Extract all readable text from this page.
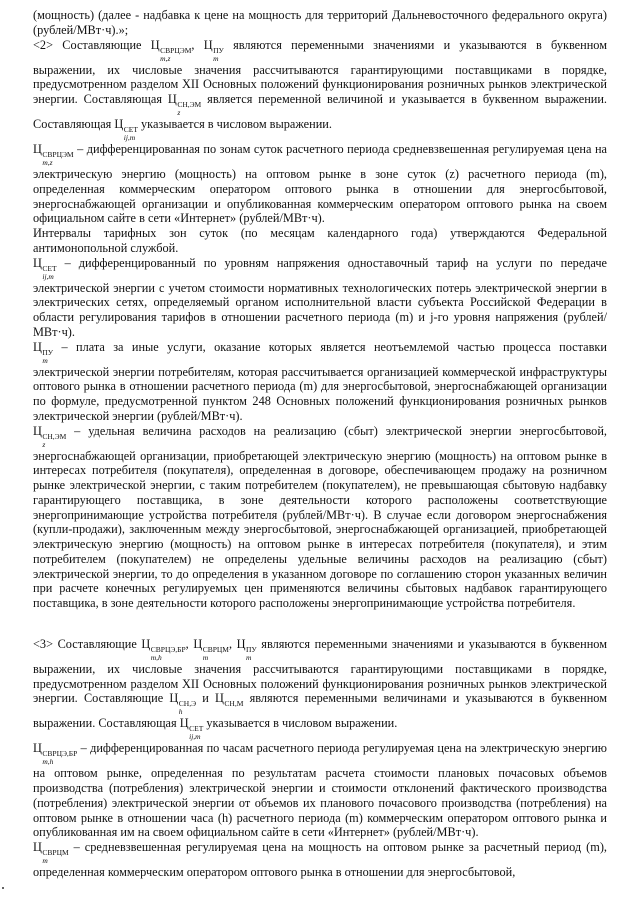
(мощность) (далее - надбавка к цене на мощность для территорий Дальневосточного федерального округа) (рублей/МВт·ч).»;

<2> Составляющие Ц СВРЦЭМ
m,z
, Ц ПУ
m
являются переменными значениями и указываются в буквенном выражении, их числовые значения рассчитываются гарантирующими поставщиками в порядке, предусмотренном разделом XII Основных положений функционирования розничных рынков электрической энергии. Составляющая Ц СН,ЭМ
z
является переменной величиной и указывается в буквенном выражении. Составляющая Ц СЕТ
ij,m
указывается в числовом выражении.

Ц СВРЦЭМ
m,z
– дифференцированная по зонам суток расчетного периода средневзвешенная регулируемая цена на электрическую энергию (мощность) на оптовом рынке в зоне суток (z) расчетного периода (m), определенная коммерческим оператором оптового рынка в отношении для энергосбытовой, энергоснабжающей организации и опубликованная коммерческим оператором оптового рынка на своем официальном сайте в сети «Интернет» (рублей/МВт·ч).

Интервалы тарифных зон суток (по месяцам календарного года) утверждаются Федеральной антимонопольной службой.

Ц СЕТ
ij,m
– дифференцированный по уровням напряжения одноставочный тариф на услуги по передаче электрической энергии с учетом стоимости нормативных технологических потерь электрической энергии в электрических сетях, определяемый органом исполнительной власти субъекта Российской Федерации в области регулирования тарифов в отношении расчетного периода (m) и j-го уровня напряжения (рублей/МВт·ч).

Ц ПУ
m
– плата за иные услуги, оказание которых является неотъемлемой частью процесса поставки электрической энергии потребителям, которая рассчитывается организацией коммерческой инфраструктуры оптового рынка в отношении расчетного периода (m) для энергосбытовой, энергоснабжающей организации по формуле, предусмотренной пунктом 248 Основных положений функционирования розничных рынков электрической энергии (рублей/МВт·ч).

Ц СН,ЭМ
z
– удельная величина расходов на реализацию (сбыт) электрической энергии энергосбытовой, энергоснабжающей организации, приобретающей электрическую энергию (мощность) на оптовом рынке в интересах потребителя (покупателя), определенная в договоре, обеспечивающем продажу на розничном рынке электрической энергии, с таким потребителем (покупателем), не превышающая сбытовую надбавку гарантирующего поставщика, в зоне деятельности которого расположены соответствующие энергопринимающие устройства потребителя (рублей/МВт·ч). В случае если договором энергоснабжения (купли-продажи), заключенным между энергосбытовой, энергоснабжающей организацией, приобретающей электрическую энергию (мощность) на оптовом рынке в интересах потребителя (покупателя), и этим потребителем (покупателем) не определены удельные величины расходов на реализацию (сбыт) электрической энергии, то до определения в указанном договоре по соглашению сторон указанных величин при расчете конечных регулируемых цен применяются величины сбытовых надбавок гарантирующего поставщика, в зоне деятельности которого расположены энергопринимающие устройства потребителя.

<3> Составляющие Ц СВРЦЭ,БР
m,h
, Ц СВРЦМ
m
, Ц ПУ
m
являются переменными значениями и указываются в буквенном выражении, их числовые значения рассчитываются гарантирующими поставщиками в порядке, предусмотренном разделом XII Основных положений функционирования розничных рынков электрической энергии. Составляющие Ц СН,Э
h
и Ц СН,М являются переменными величинами и указываются в буквенном выражении. Составляющая Ц СЕТ
ij,m
указывается в числовом выражении.

Ц СВРЦЭ,БР
m,h
– дифференцированная по часам расчетного периода регулируемая цена на электрическую энергию на оптовом рынке, определенная по результатам расчета стоимости плановых почасовых объемов производства (потребления) электрической энергии и стоимости отклонений фактического производства (потребления) электрической энергии от объемов их планового почасового производства (потребления) на оптовом рынке в отношении часа (h) расчетного периода (m) коммерческим оператором оптового рынка и опубликованная им на своем официальном сайте в сети «Интернет» (рублей/МВт·ч).

Ц СВРЦМ
m
– средневзвешенная регулируемая цена на мощность на оптовом рынке за расчетный период (m), определенная коммерческим оператором оптового рынка в отношении для энергосбытовой,
